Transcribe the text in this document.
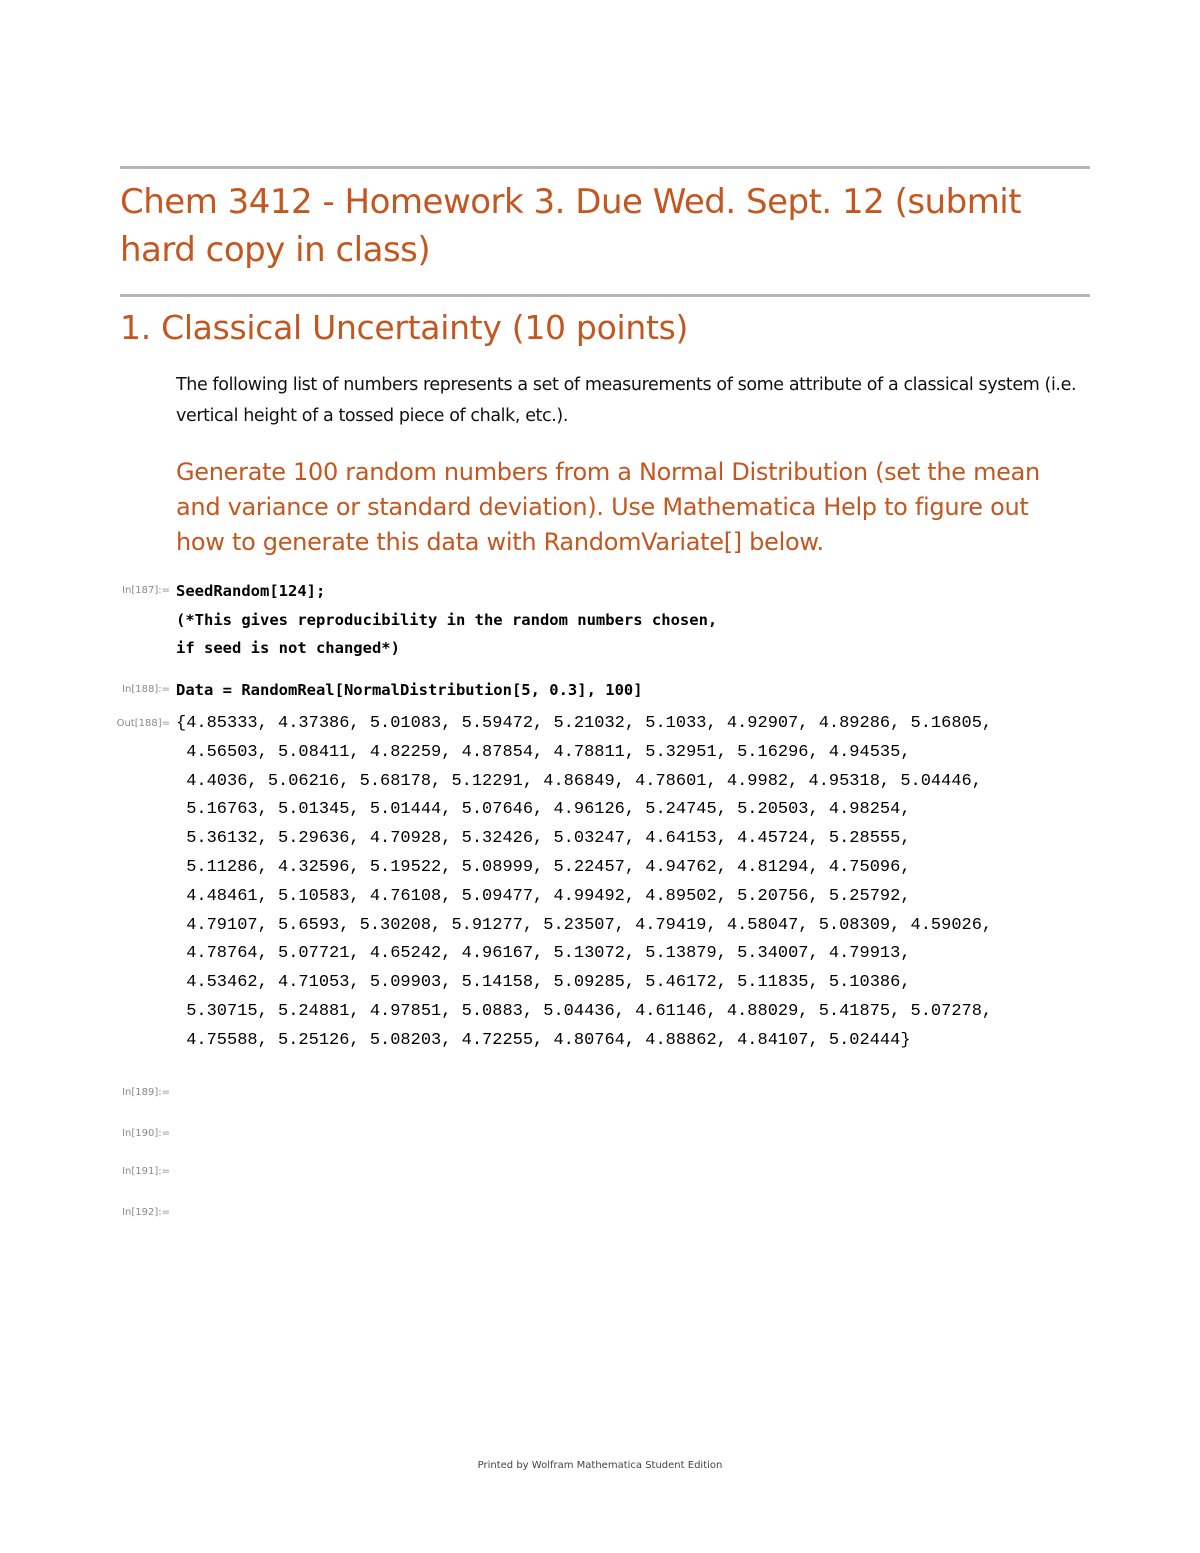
Chem 3412 - Homework 3. Due Wed. Sept. 12 (submit hard copy in class)
1. Classical Uncertainty (10 points)

The following list of numbers represents a set of measurements of some attribute of a classical system (i.e. vertical height of a tossed piece of chalk, etc.).

Generate 100 random numbers from a Normal Distribution (set the mean and variance or standard deviation). Use Mathematica Help to figure out how to generate this data with RandomVariate[] below.

In[187]:= SeedRandom[124];
(*This gives reproducibility in the random numbers chosen,
if seed is not changed*)
In[188]:= Data = RandomReal[NormalDistribution[5, 0.3], 100]
Out[188]= {4.85333, 4.37386, 5.01083, 5.59472, 5.21032, 5.1033, 4.92907, 4.89286, 5.16805,
4.56503, 5.08411, 4.82259, 4.87854, 4.78811, 5.32951, 5.16296, 4.94535,
4.4036, 5.06216, 5.68178, 5.12291, 4.86849, 4.78601, 4.9982, 4.95318, 5.04446,
5.16763, 5.01345, 5.01444, 5.07646, 4.96126, 5.24745, 5.20503, 4.98254,
5.36132, 5.29636, 4.70928, 5.32426, 5.03247, 4.64153, 4.45724, 5.28555,
5.11286, 4.32596, 5.19522, 5.08999, 5.22457, 4.94762, 4.81294, 4.75096,
4.48461, 5.10583, 4.76108, 5.09477, 4.99492, 4.89502, 5.20756, 5.25792,
4.79107, 5.6593, 5.30208, 5.91277, 5.23507, 4.79419, 4.58047, 5.08309, 4.59026,
4.78764, 5.07721, 4.65242, 4.96167, 5.13072, 5.13879, 5.34007, 4.79913,
4.53462, 4.71053, 5.09903, 5.14158, 5.09285, 5.46172, 5.11835, 5.10386,
5.30715, 5.24881, 4.97851, 5.0883, 5.04436, 4.61146, 4.88029, 5.41875, 5.07278,
4.75588, 5.25126, 5.08203, 4.72255, 4.80764, 4.88862, 4.84107, 5.02444}
In[189]:=
In[190]:=
In[191]:=
In[192]:=
Printed by Wolfram Mathematica Student Edition
